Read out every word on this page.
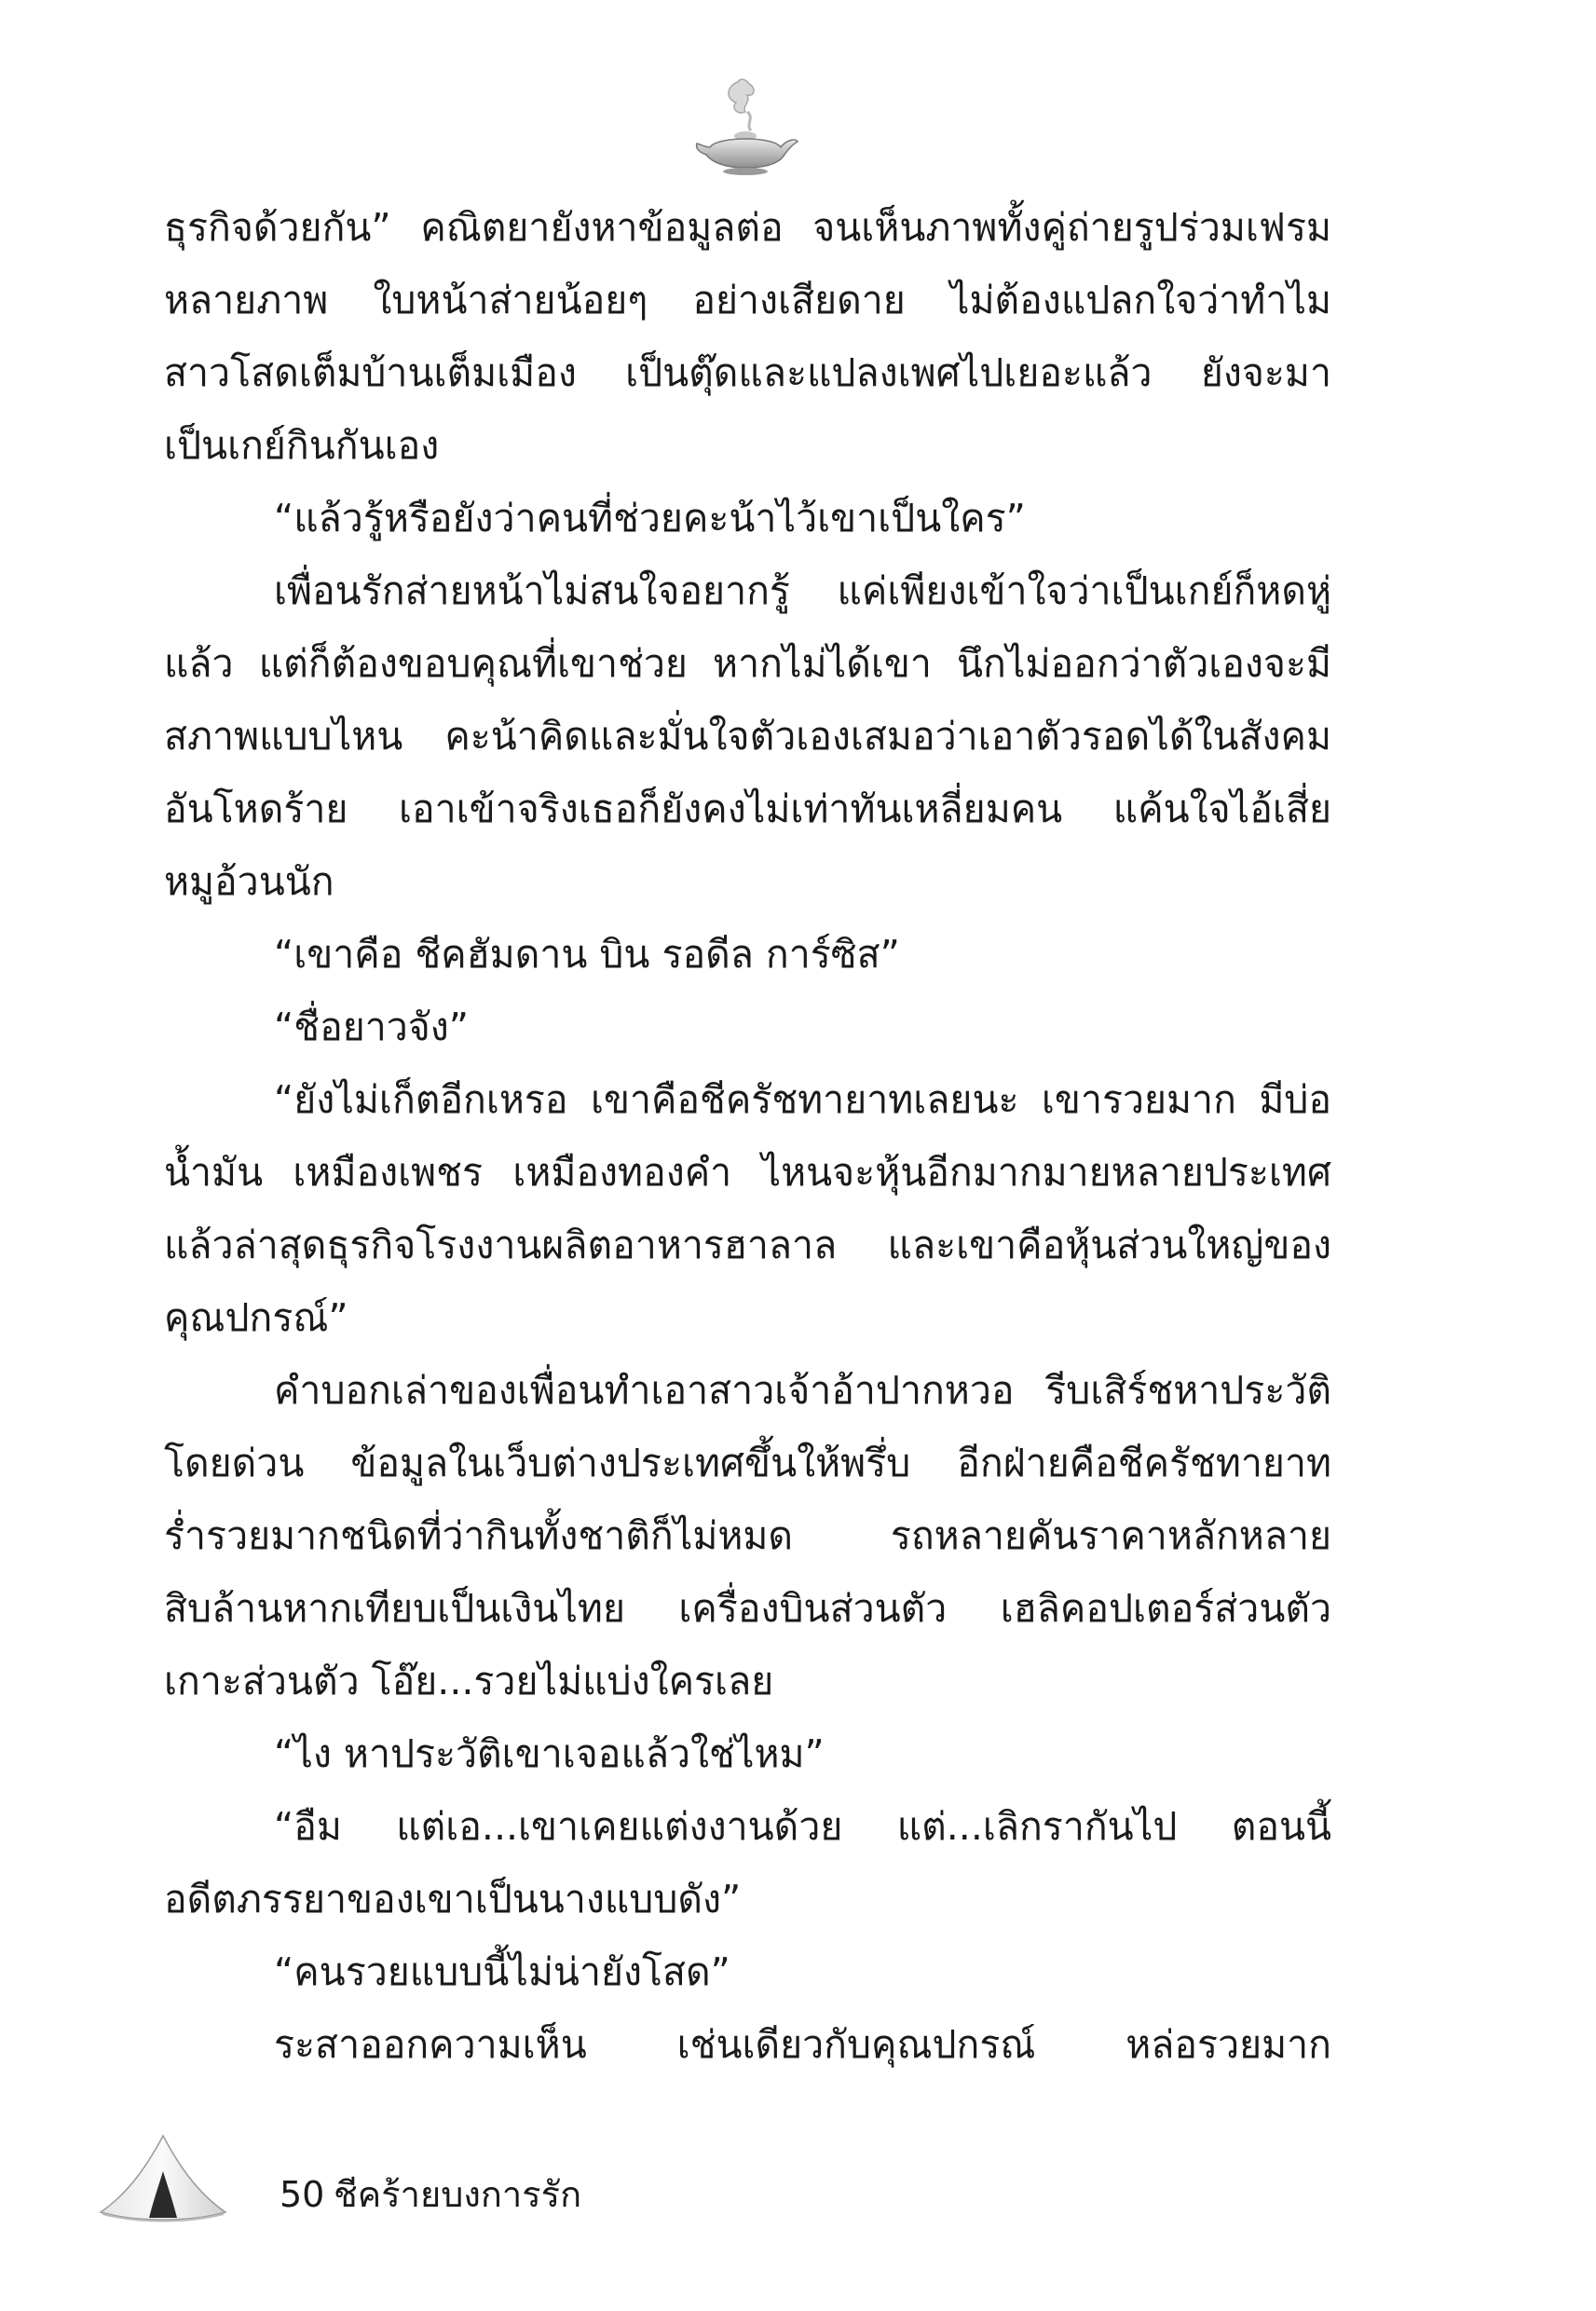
ธุรกิจด้วยกัน” คณิตยายังหาข้อมูลต่อ จนเห็นภาพทั้งคู่ถ่ายรูปร่วมเฟรม
หลายภาพ ใบหน้าส่ายน้อยๆ อย่างเสียดาย ไม่ต้องแปลกใจว่าทำไม
สาวโสดเต็มบ้านเต็มเมือง เป็นตุ๊ดและแปลงเพศไปเยอะแล้ว ยังจะมา
เป็นเกย์กินกันเอง
“แล้วรู้หรือยังว่าคนที่ช่วยคะน้าไว้เขาเป็นใคร”
เพื่อนรักส่ายหน้าไม่สนใจอยากรู้ แค่เพียงเข้าใจว่าเป็นเกย์ก็หดหู่
แล้ว แต่ก็ต้องขอบคุณที่เขาช่วย หากไม่ได้เขา นึกไม่ออกว่าตัวเองจะมี
สภาพแบบไหน คะน้าคิดและมั่นใจตัวเองเสมอว่าเอาตัวรอดได้ในสังคม
อันโหดร้าย เอาเข้าจริงเธอก็ยังคงไม่เท่าทันเหลี่ยมคน แค้นใจไอ้เสี่ย
หมูอ้วนนัก
“เขาคือ ชีคฮัมดาน บิน รอดีล การ์ซิส”
“ชื่อยาวจัง”
“ยังไม่เก็ตอีกเหรอ เขาคือชีครัชทายาทเลยนะ เขารวยมาก มีบ่อ
น้ำมัน เหมืองเพชร เหมืองทองคำ ไหนจะหุ้นอีกมากมายหลายประเทศ
แล้วล่าสุดธุรกิจโรงงานผลิตอาหารฮาลาล และเขาคือหุ้นส่วนใหญ่ของ
คุณปกรณ์”
คำบอกเล่าของเพื่อนทำเอาสาวเจ้าอ้าปากหวอ รีบเสิร์ชหาประวัติ
โดยด่วน ข้อมูลในเว็บต่างประเทศขึ้นให้พรึ่บ อีกฝ่ายคือชีครัชทายาท
ร่ำรวยมากชนิดที่ว่ากินทั้งชาติก็ไม่หมด รถหลายคันราคาหลักหลาย
สิบล้านหากเทียบเป็นเงินไทย เครื่องบินส่วนตัว เฮลิคอปเตอร์ส่วนตัว
เกาะส่วนตัว โอ๊ย...รวยไม่แบ่งใครเลย
“ไง หาประวัติเขาเจอแล้วใช่ไหม”
“อืม แต่เอ...เขาเคยแต่งงานด้วย แต่...เลิกรากันไป ตอนนี้
อดีตภรรยาของเขาเป็นนางแบบดัง”
“คนรวยแบบนี้ไม่น่ายังโสด”
ระสาออกความเห็น เช่นเดียวกับคุณปกรณ์ หล่อรวยมาก
50 ชีคร้ายบงการรัก
